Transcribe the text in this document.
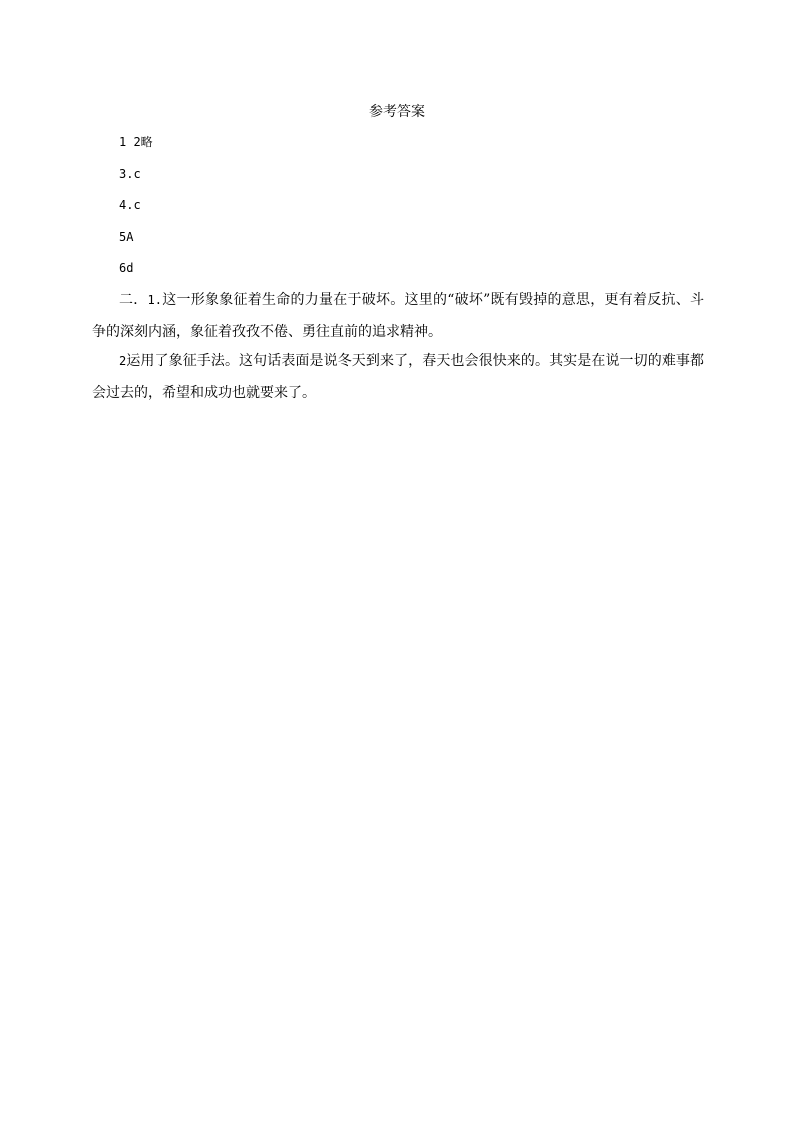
参考答案
1 2略
3.c
4.c
5A
6d
二．1.这一形象象征着生命的力量在于破坏。这里的“破坏”既有毁掉的意思，更有着反抗、斗争的深刻内涵，象征着孜孜不倦、勇往直前的追求精神。
2运用了象征手法。这句话表面是说冬天到来了，春天也会很快来的。其实是在说一切的难事都会过去的，希望和成功也就要来了。
